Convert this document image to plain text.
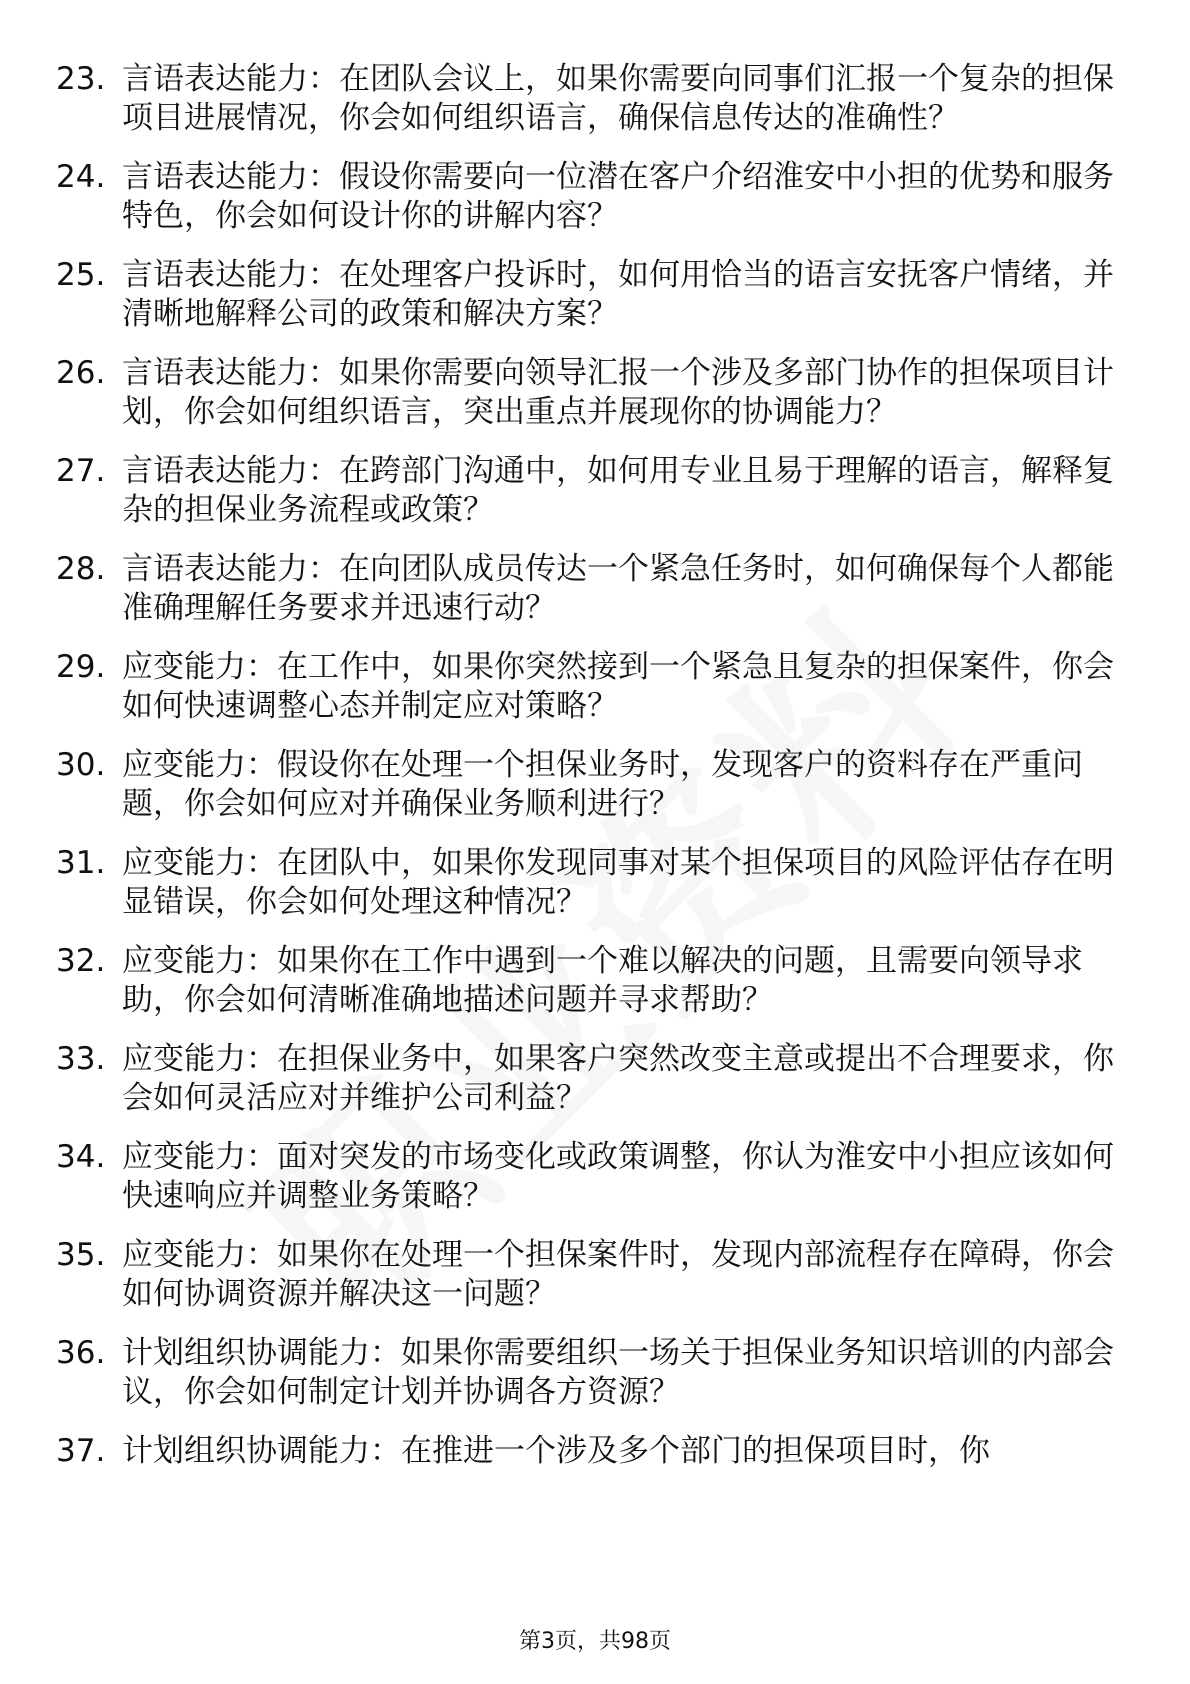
23. 言语表达能力：在团队会议上，如果你需要向同事们汇报一个复杂的担保项目进展情况，你会如何组织语言，确保信息传达的准确性？
24. 言语表达能力：假设你需要向一位潜在客户介绍淮安中小担的优势和服务特色，你会如何设计你的讲解内容？
25. 言语表达能力：在处理客户投诉时，如何用恰当的语言安抚客户情绪，并清晰地解释公司的政策和解决方案？
26. 言语表达能力：如果你需要向领导汇报一个涉及多部门协作的担保项目计划，你会如何组织语言，突出重点并展现你的协调能力？
27. 言语表达能力：在跨部门沟通中，如何用专业且易于理解的语言，解释复杂的担保业务流程或政策？
28. 言语表达能力：在向团队成员传达一个紧急任务时，如何确保每个人都能准确理解任务要求并迅速行动？
29. 应变能力：在工作中，如果你突然接到一个紧急且复杂的担保案件，你会如何快速调整心态并制定应对策略？
30. 应变能力：假设你在处理一个担保业务时，发现客户的资料存在严重问题，你会如何应对并确保业务顺利进行？
31. 应变能力：在团队中，如果你发现同事对某个担保项目的风险评估存在明显错误，你会如何处理这种情况？
32. 应变能力：如果你在工作中遇到一个难以解决的问题，且需要向领导求助，你会如何清晰准确地描述问题并寻求帮助？
33. 应变能力：在担保业务中，如果客户突然改变主意或提出不合理要求，你会如何灵活应对并维护公司利益？
34. 应变能力：面对突发的市场变化或政策调整，你认为淮安中小担应该如何快速响应并调整业务策略？
35. 应变能力：如果你在处理一个担保案件时，发现内部流程存在障碍，你会如何协调资源并解决这一问题？
36. 计划组织协调能力：如果你需要组织一场关于担保业务知识培训的内部会议，你会如何制定计划并协调各方资源？
37. 计划组织协调能力：在推进一个涉及多个部门的担保项目时，你
第3页，共98页
